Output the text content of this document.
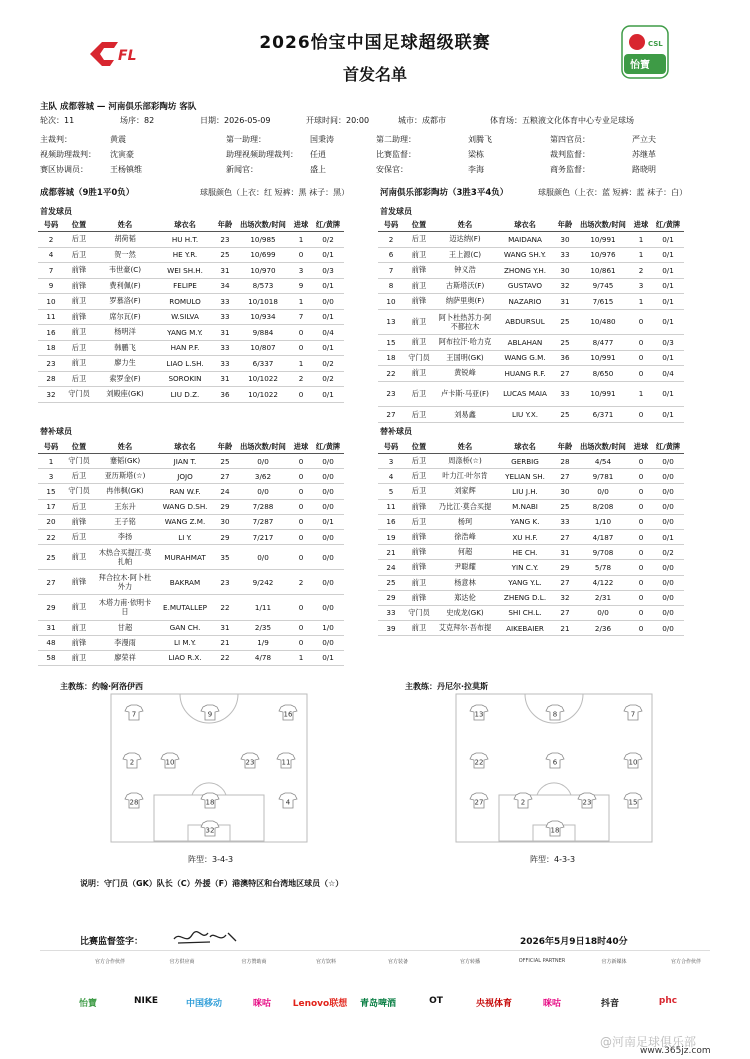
FL
2026怡宝中国足球超级联赛
首发名单
CSL
怡寶
主队 成都蓉城 — 河南俱乐部彩陶坊 客队
轮次：11	场序：82	日期：2026-05-09	开球时间：20:00	城市：成都市	体育场：五粮液文化体育中心专业足球场
主裁判：	黄震	第一助理：	国秉涛	第二助理：	刘腾飞	第四官员：	严立夫
视频助理裁判： 沈寅豪	助理视频助理裁判： 任逍	比赛监督：	梁栋	裁判监督：	苏继革
赛区协调员：	王杨镇维	新闻官：	盛上	安保官：	李海	商务监督：	路晓明
成都蓉城（9胜1平0负）	球服颜色（上衣：红 短裤：黑 袜子：黑）	河南俱乐部彩陶坊（3胜3平4负）	球服颜色（上衣：蓝 短裤：蓝 袜子：白）
首发球员	首发球员
号码	位置	姓名	球衣名	年龄	出场次数/时间	进球	红/黄牌
2	后卫	胡荷韬	HU H.T.	23	10/985	1	0/2
4	后卫	贺一然	HE Y.R.	25	10/699	0	0/1
7	前锋	韦世豪(C)	WEI SH.H.	31	10/970	3	0/3
9	前锋	费利佩(F)	FELIPE	34	8/573	9	0/1
10	前卫	罗慕洛(F)	ROMULO	33	10/1018	1	0/0
11	前锋	席尔瓦(F)	W.SILVA	33	10/934	7	0/1
16	前卫	杨明洋	YANG M.Y.	31	9/884	0	0/4
18	后卫	韩鹏飞	HAN P.F.	33	10/807	0	0/1
23	前卫	廖力生	LIAO L.SH.	33	6/337	1	0/2
28	后卫	索罗金(F)	SOROKIN	31	10/1022	2	0/2
32	守门员	刘殿座(GK)	LIU D.Z.	36	10/1022	0	0/1
号码	位置	姓名	球衣名	年龄	出场次数/时间	进球	红/黄牌
2	后卫	迈达纳(F)	MAIDANA	30	10/991	1	0/1
6	前卫	王上源(C)	WANG SH.Y.	33	10/976	1	0/1
7	前锋	钟义浩	ZHONG Y.H.	30	10/861	2	0/1
8	前卫	古斯塔沃(F)	GUSTAVO	32	9/745	3	0/1
10	前锋	纳萨里奥(F)	NAZARIO	31	7/615	1	0/1
13	前卫	阿卜杜热苏力·阿不都拉木	ABDURSUL	25	10/480	0	0/1
15	前卫	阿布拉汗·哈力克	ABLAHAN	25	8/477	0	0/3
18	守门员	王国明(GK)	WANG G.M.	36	10/991	0	0/1
22	前卫	黄锐峰	HUANG R.F.	27	8/650	0	0/4
23	后卫	卢卡斯·马亚(F)	LUCAS MAIA	33	10/991	1	0/1
27	后卫	刘易鑫	LIU Y.X.	25	6/371	0	0/1
替补球员	替补球员
号码	位置	姓名	球衣名	年龄	出场次数/时间	进球	红/黄牌
1	守门员	蹇韬(GK)	JIAN T.	25	0/0	0	0/0
3	后卫	亚历斯塔(☆)	JOJO	27	3/62	0	0/0
15	守门员	冉伟枫(GK)	RAN W.F.	24	0/0	0	0/0
17	后卫	王东升	WANG D.SH.	29	7/288	0	0/0
20	前锋	王子铭	WANG Z.M.	30	7/287	0	0/1
22	后卫	李扬	LI Y.	29	7/217	0	0/0
25	前卫	木热合买提江·莫扎帕	MURAHMAT	35	0/0	0	0/0
27	前锋	拜合拉木·阿卜杜外力	BAKRAM	23	9/242	2	0/0
29	前卫	木塔力甫·依明卡日	E.MUTALLEP	22	1/11	0	0/0
31	前卫	甘超	GAN CH.	31	2/35	0	1/0
48	前锋	李漫雨	LI M.Y.	21	1/9	0	0/0
58	前卫	廖荣祥	LIAO R.X.	22	4/78	1	0/1
号码	位置	姓名	球衣名	年龄	出场次数/时间	进球	红/黄牌
3	后卫	周涤桥(☆)	GERBIG	28	4/54	0	0/0
4	后卫	叶力江·叶尔肯	YELIAN SH.	27	9/781	0	0/0
5	后卫	刘家辉	LIU J.H.	30	0/0	0	0/0
11	前锋	乃比江·莫合买提	M.NABI	25	8/208	0	0/0
16	后卫	杨珂	YANG K.	33	1/10	0	0/0
19	前锋	徐浩峰	XU H.F.	27	4/187	0	0/1
21	前锋	何超	HE CH.	31	9/708	0	0/2
24	前锋	尹聪耀	YIN C.Y.	29	5/78	0	0/0
25	前卫	杨意林	YANG Y.L.	27	4/122	0	0/0
29	前锋	郑达伦	ZHENG D.L.	32	2/31	0	0/0
33	守门员	史成龙(GK)	SHI CH.L.	27	0/0	0	0/0
39	前卫	艾克拜尔·吾布提	AIKEBAIER	21	2/36	0	0/0
主教练：约翰·阿洛伊西	主教练：丹尼尔·拉莫斯
7	9	16
2	10	23	11
28	18	4
32
13	8	7
22	6	10
27	2	23	15
18
阵型：3-4-3	阵型：4-3-3
说明：守门员（GK）队长（C）外援（F）港澳特区和台湾地区球员（☆）
比赛监督签字：	2026年5月9日18时40分
官方合作伙伴	官方供应商	官方赞助商	官方饮料	官方装备	官方转播	OFFICIAL PARTNER	官方新媒体	官方合作伙伴
怡寶	NIKE	中国移动	咪咕	Lenovo联想	青岛啤酒	OT	央视体育	咪咕	抖音	phc
@河南足球俱乐部
www.365jz.com
